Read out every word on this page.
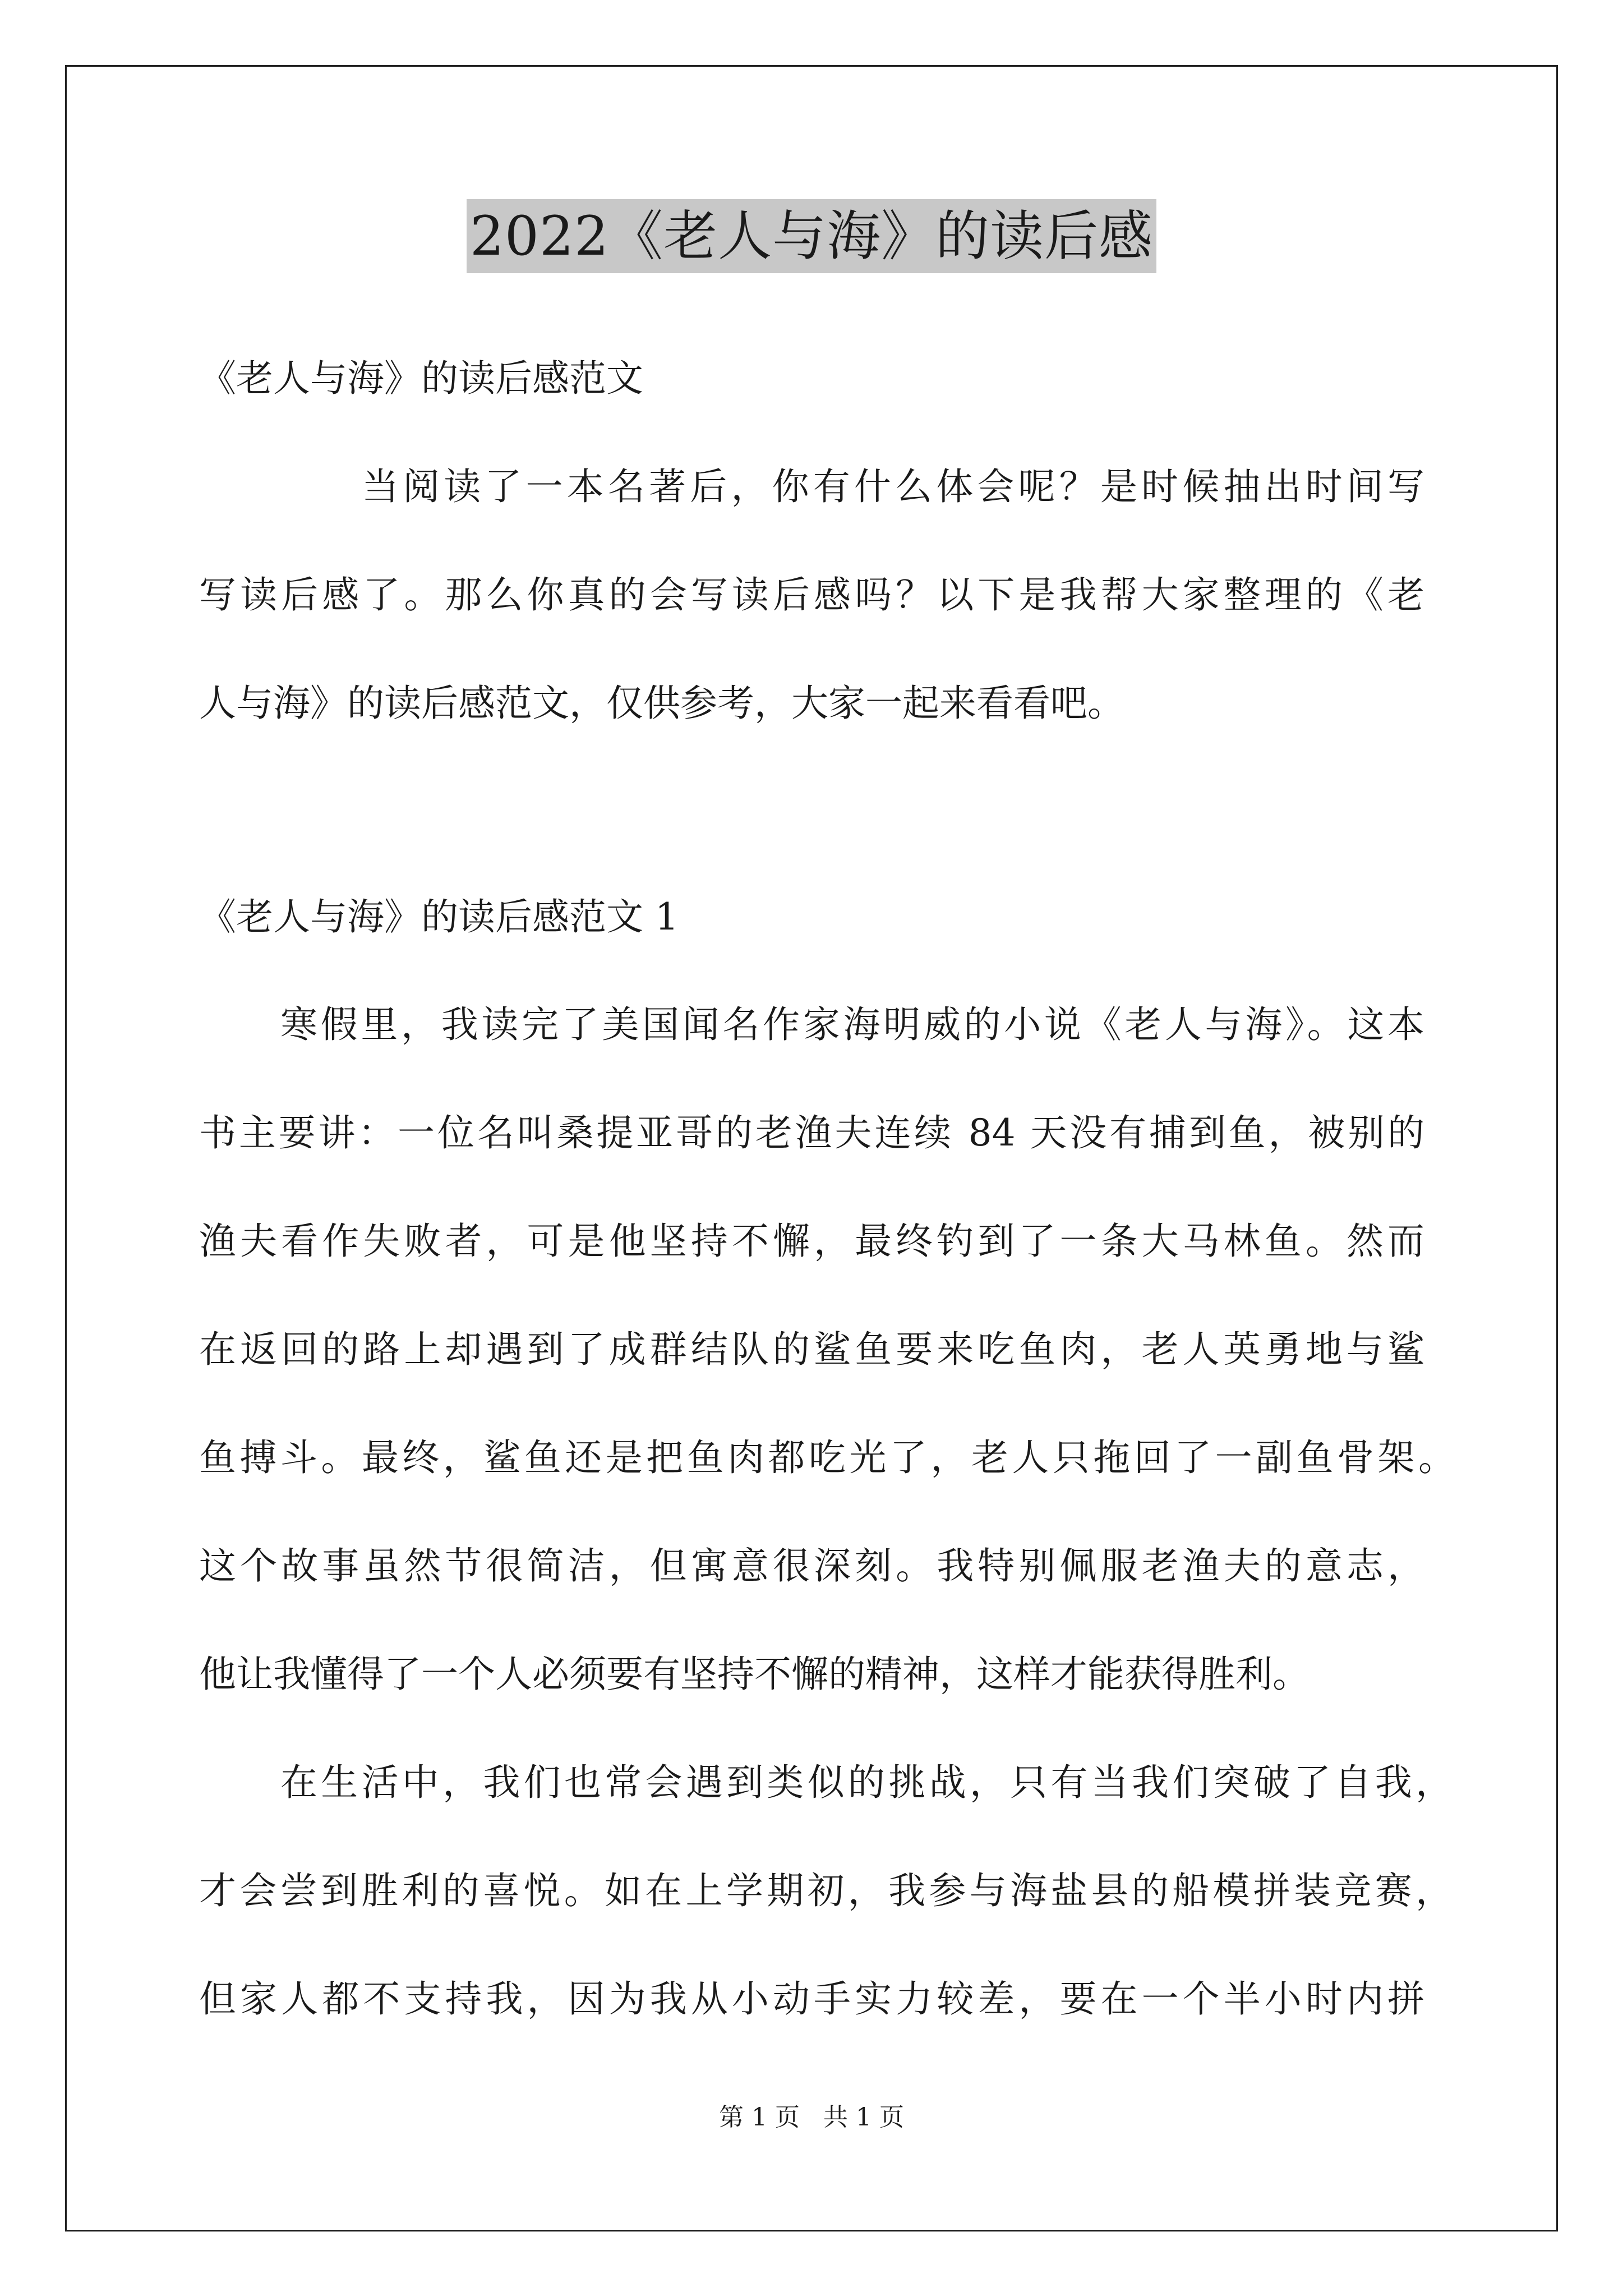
2022《老人与海》的读后感

《老人与海》的读后感范文

当阅读了一本名著后，你有什么体会呢？是时候抽出时间写

写读后感了。那么你真的会写读后感吗？以下是我帮大家整理的《老

人与海》的读后感范文，仅供参考，大家一起来看看吧。

《老人与海》的读后感范文 1

寒假里，我读完了美国闻名作家海明威的小说《老人与海》。这本

书主要讲：一位名叫桑提亚哥的老渔夫连续 84 天没有捕到鱼，被别的

渔夫看作失败者，可是他坚持不懈，最终钓到了一条大马林鱼。然而

在返回的路上却遇到了成群结队的鲨鱼要来吃鱼肉，老人英勇地与鲨

鱼搏斗。最终，鲨鱼还是把鱼肉都吃光了，老人只拖回了一副鱼骨架。

这个故事虽然节很简洁，但寓意很深刻。我特别佩服老渔夫的意志，

他让我懂得了一个人必须要有坚持不懈的精神，这样才能获得胜利。

在生活中，我们也常会遇到类似的挑战，只有当我们突破了自我，

才会尝到胜利的喜悦。如在上学期初，我参与海盐县的船模拼装竞赛，

但家人都不支持我，因为我从小动手实力较差，要在一个半小时内拼

第 1 页   共 1 页
